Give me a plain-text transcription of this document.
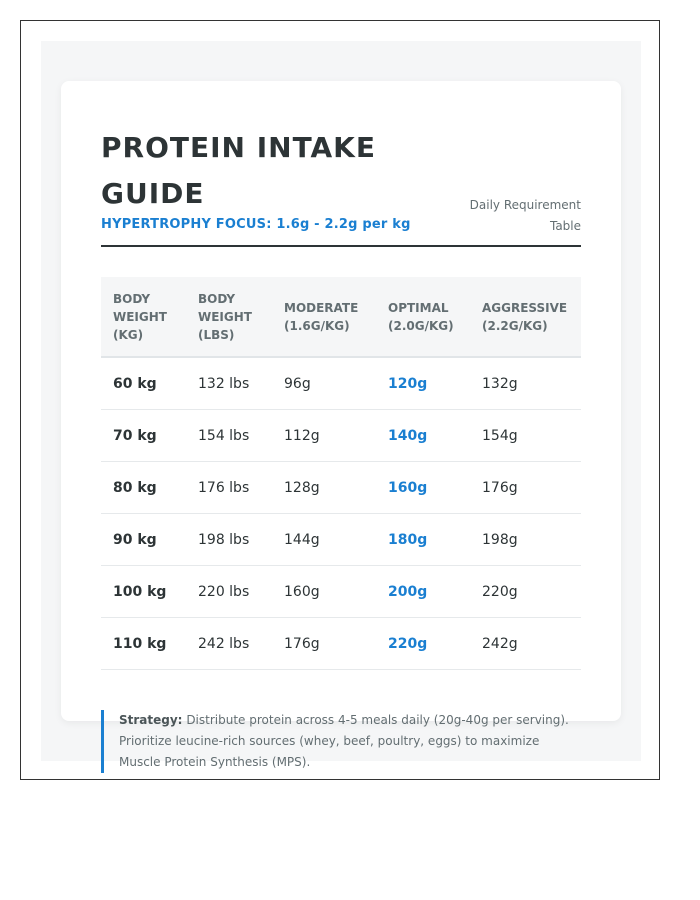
PROTEIN INTAKE GUIDE
HYPERTROPHY FOCUS: 1.6g - 2.2g per kg
Daily Requirement Table
BODY WEIGHT (KG)	BODY WEIGHT (LBS)	MODERATE (1.6G/KG)	OPTIMAL (2.0G/KG)	AGGRESSIVE (2.2G/KG)
60 kg	132 lbs	96g	120g	132g
70 kg	154 lbs	112g	140g	154g
80 kg	176 lbs	128g	160g	176g
90 kg	198 lbs	144g	180g	198g
100 kg	220 lbs	160g	200g	220g
110 kg	242 lbs	176g	220g	242g
Strategy: Distribute protein across 4-5 meals daily (20g-40g per serving). Prioritize leucine-rich sources (whey, beef, poultry, eggs) to maximize Muscle Protein Synthesis (MPS).
